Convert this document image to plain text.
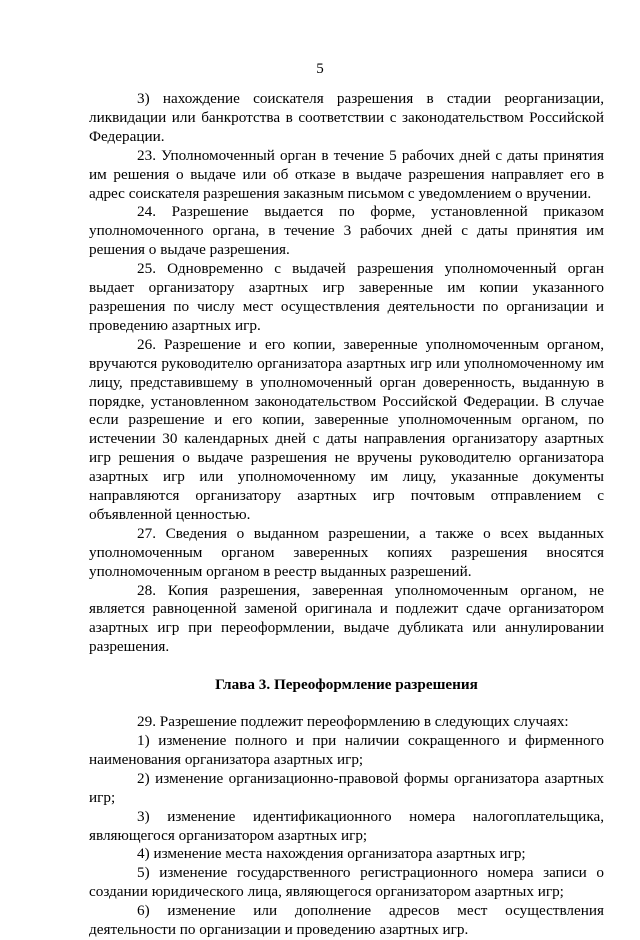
5

3) нахождение соискателя разрешения в стадии реорганизации, ликвидации или банкротства в соответствии с законодательством Российской Федерации.

23. Уполномоченный орган в течение 5 рабочих дней с даты принятия им решения о выдаче или об отказе в выдаче разрешения направляет его в адрес соискателя разрешения заказным письмом с уведомлением о вручении.

24. Разрешение выдается по форме, установленной приказом уполномоченного органа, в течение 3 рабочих дней с даты принятия им решения о выдаче разрешения.

25. Одновременно с выдачей разрешения уполномоченный орган выдает организатору азартных игр заверенные им копии указанного разрешения по числу мест осуществления деятельности по организации и проведению азартных игр.

26. Разрешение и его копии, заверенные уполномоченным органом, вручаются руководителю организатора азартных игр или уполномоченному им лицу, представившему в уполномоченный орган доверенность, выданную в порядке, установленном законодательством Российской Федерации. В случае если разрешение и его копии, заверенные уполномоченным органом, по истечении 30 календарных дней с даты направления организатору азартных игр решения о выдаче разрешения не вручены руководителю организатора азартных игр или уполномоченному им лицу, указанные документы направляются организатору азартных игр почтовым отправлением с объявленной ценностью.

27. Сведения о выданном разрешении, а также о всех выданных уполномоченным органом заверенных копиях разрешения вносятся уполномоченным органом в реестр выданных разрешений.

28. Копия разрешения, заверенная уполномоченным органом, не является равноценной заменой оригинала и подлежит сдаче организатором азартных игр при переоформлении, выдаче дубликата или аннулировании разрешения.

Глава 3. Переоформление разрешения

29. Разрешение подлежит переоформлению в следующих случаях:

1) изменение полного и при наличии сокращенного и фирменного наименования организатора азартных игр;

2) изменение организационно-правовой формы организатора азартных игр;

3) изменение идентификационного номера налогоплательщика, являющегося организатором азартных игр;

4) изменение места нахождения организатора азартных игр;

5) изменение государственного регистрационного номера записи о создании юридического лица, являющегося организатором азартных игр;

6) изменение или дополнение адресов мест осуществления деятельности по организации и проведению азартных игр.
